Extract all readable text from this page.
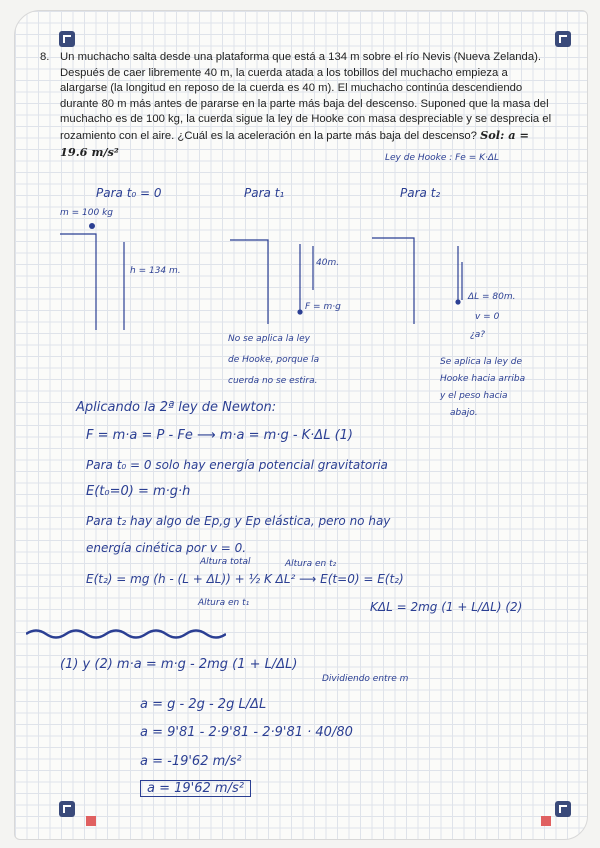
8. Un muchacho salta desde una plataforma que está a 134 m sobre el río Nevis (Nueva Zelanda). Después de caer libremente 40 m, la cuerda atada a los tobillos del muchacho empieza a alargarse (la longitud en reposo de la cuerda es 40 m). El muchacho continúa descendiendo durante 80 m más antes de pararse en la parte más baja del descenso. Suponed que la masa del muchacho es de 100 kg, la cuerda sigue la ley de Hooke con masa despreciable y se desprecia el rozamiento con el aire. ¿Cuál es la aceleración en la parte más baja del descenso? Sol: a = 19.6 m/s²	Ley de Hooke : Fe = K·ΔL
Para t₀ = 0	Para t₁	Para t₂
m = 100 kg
h = 134 m.
40m.
F = m·g
ΔL = 80m.
v = 0
¿a?
No se aplica la ley
de Hooke, porque la
cuerda no se estira.
Se aplica la ley de
Hooke hacia arriba
y el peso hacia
abajo.
Aplicando la 2ª ley de Newton:
F = m·a = P - Fe ⟶ m·a = m·g - K·ΔL (1)
Para t₀ = 0 solo hay energía potencial gravitatoria
E(t₀=0) = m·g·h
Para t₂ hay algo de Ep,g y Ep elástica, pero no hay
energía cinética por v = 0.
Altura total	Altura en t₂
E(t₂) = mg (h - (L + ΔL)) + ½ K ΔL² ⟶ E(t=0) = E(t₂)
Altura en t₁	KΔL = 2mg (1 + L/ΔL) (2)
(1) y (2) m·a = m·g - 2mg (1 + L/ΔL)
Dividiendo entre m
a = g - 2g - 2g L/ΔL
a = 9'81 - 2·9'81 - 2·9'81 · 40/80
a = -19'62 m/s²
a = 19'62 m/s²
